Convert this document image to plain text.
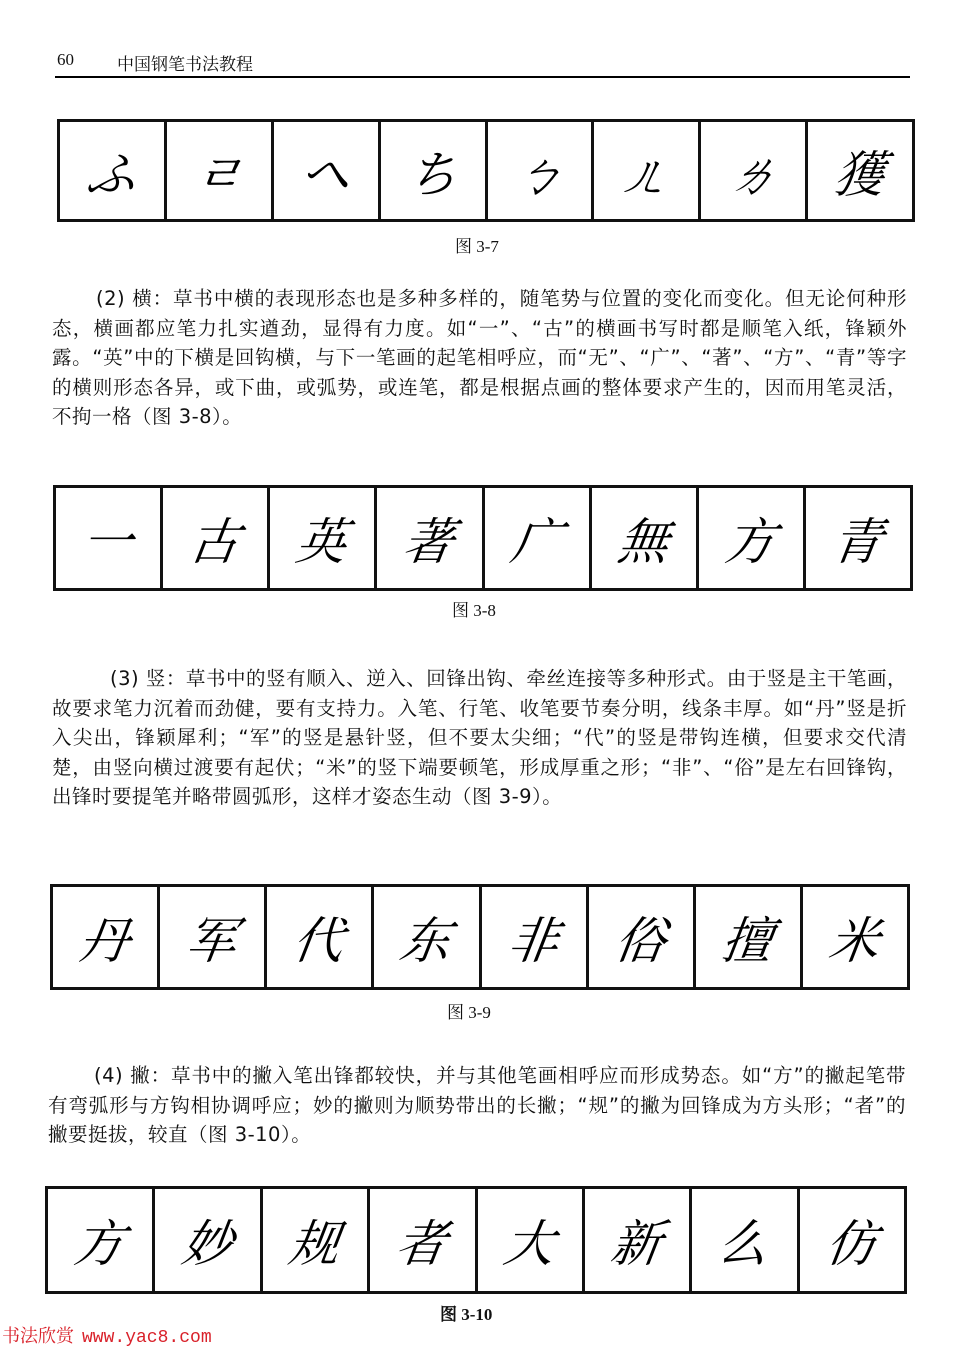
60	中国钢笔书法教程
ふ ㄹ ヘ ち ㄅ ㄦ ㄌ 獲
图 3-7

(2) 横：草书中横的表现形态也是多种多样的，随笔势与位置的变化而变化。但无论何种形态，横画都应笔力扎实遒劲，显得有力度。如“一”、“古”的横画书写时都是顺笔入纸，锋颖外露。“英”中的下横是回钩横，与下一笔画的起笔相呼应，而“无”、“广”、“著”、“方”、“青”等字的横则形态各异，或下曲，或弧势，或连笔，都是根据点画的整体要求产生的，因而用笔灵活，不拘一格（图 3-8）。

一 古 英 著 广 無 方 青
图 3-8

(3) 竖：草书中的竖有顺入、逆入、回锋出钩、牵丝连接等多种形式。由于竖是主干笔画，故要求笔力沉着而劲健，要有支持力。入笔、行笔、收笔要节奏分明，线条丰厚。如“丹”竖是折入尖出，锋颖犀利；“军”的竖是悬针竖，但不要太尖细；“代”的竖是带钩连横，但要求交代清楚，由竖向横过渡要有起伏；“米”的竖下端要顿笔，形成厚重之形；“非”、“俗”是左右回锋钩，出锋时要提笔并略带圆弧形，这样才姿态生动（图 3-9）。

丹 军 代 东 非 俗 擅 米
图 3-9

(4) 撇：草书中的撇入笔出锋都较快，并与其他笔画相呼应而形成势态。如“方”的撇起笔带有弯弧形与方钩相协调呼应；妙的撇则为顺势带出的长撇；“规”的撇为回锋成为方头形；“者”的撇要挺拔，较直（图 3-10）。

方 妙 规 者 大 新 么 仿
图 3-10
书法欣赏 www.yac8.com
